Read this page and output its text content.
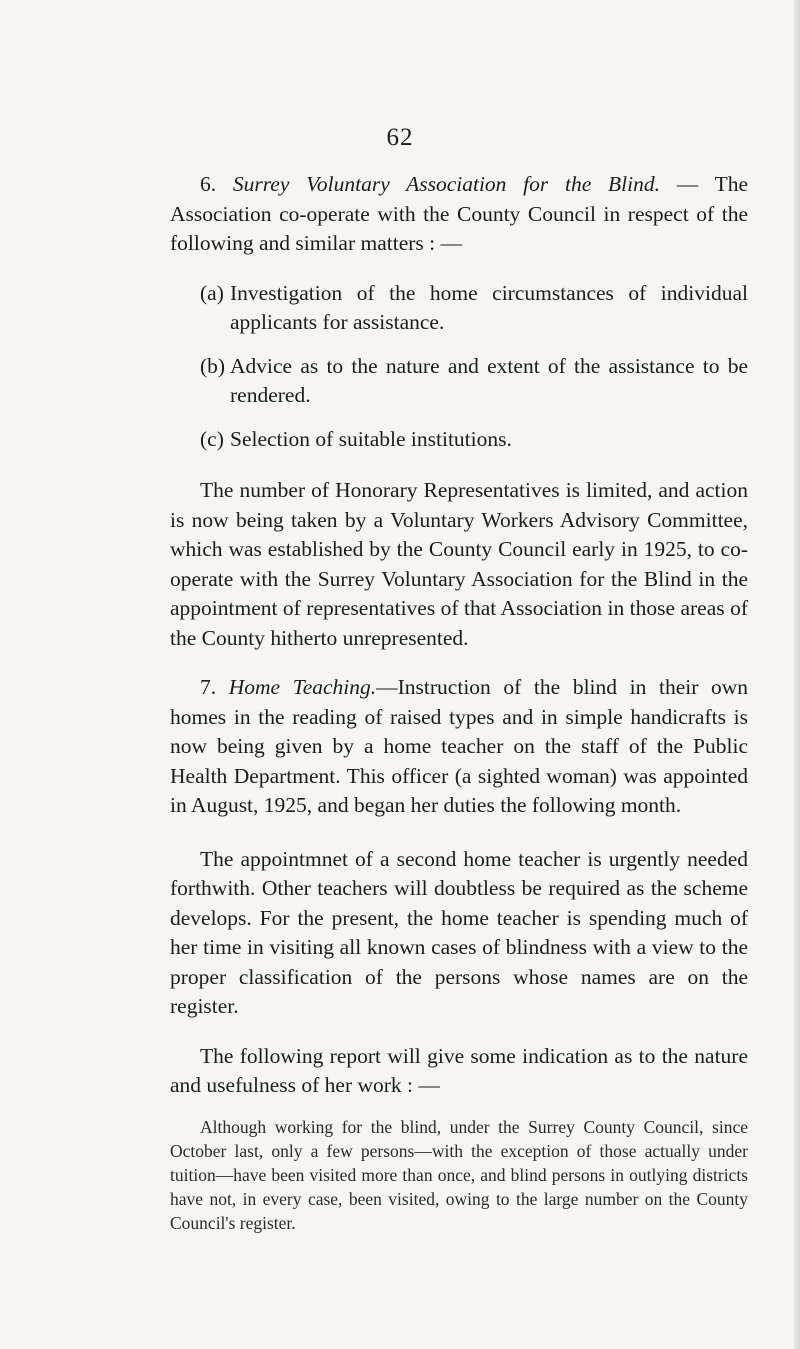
62

6. Surrey Voluntary Association for the Blind. — The Association co-operate with the County Council in respect of the following and similar matters : —

(a) Investigation of the home circumstances of individual applicants for assistance.

(b) Advice as to the nature and extent of the assistance to be rendered.

(c) Selection of suitable institutions.

The number of Honorary Representatives is limited, and action is now being taken by a Voluntary Workers Advisory Committee, which was established by the County Council early in 1925, to co-operate with the Surrey Voluntary Association for the Blind in the appointment of representatives of that Association in those areas of the County hitherto unrepresented.

7. Home Teaching.—Instruction of the blind in their own homes in the reading of raised types and in simple handicrafts is now being given by a home teacher on the staff of the Public Health Department. This officer (a sighted woman) was appointed in August, 1925, and began her duties the following month.

The appointmnet of a second home teacher is urgently needed forthwith. Other teachers will doubtless be required as the scheme develops. For the present, the home teacher is spending much of her time in visiting all known cases of blindness with a view to the proper classification of the persons whose names are on the register.

The following report will give some indication as to the nature and usefulness of her work : —

Although working for the blind, under the Surrey County Council, since October last, only a few persons—with the exception of those actually under tuition—have been visited more than once, and blind persons in outlying districts have not, in every case, been visited, owing to the large number on the County Council's register.
